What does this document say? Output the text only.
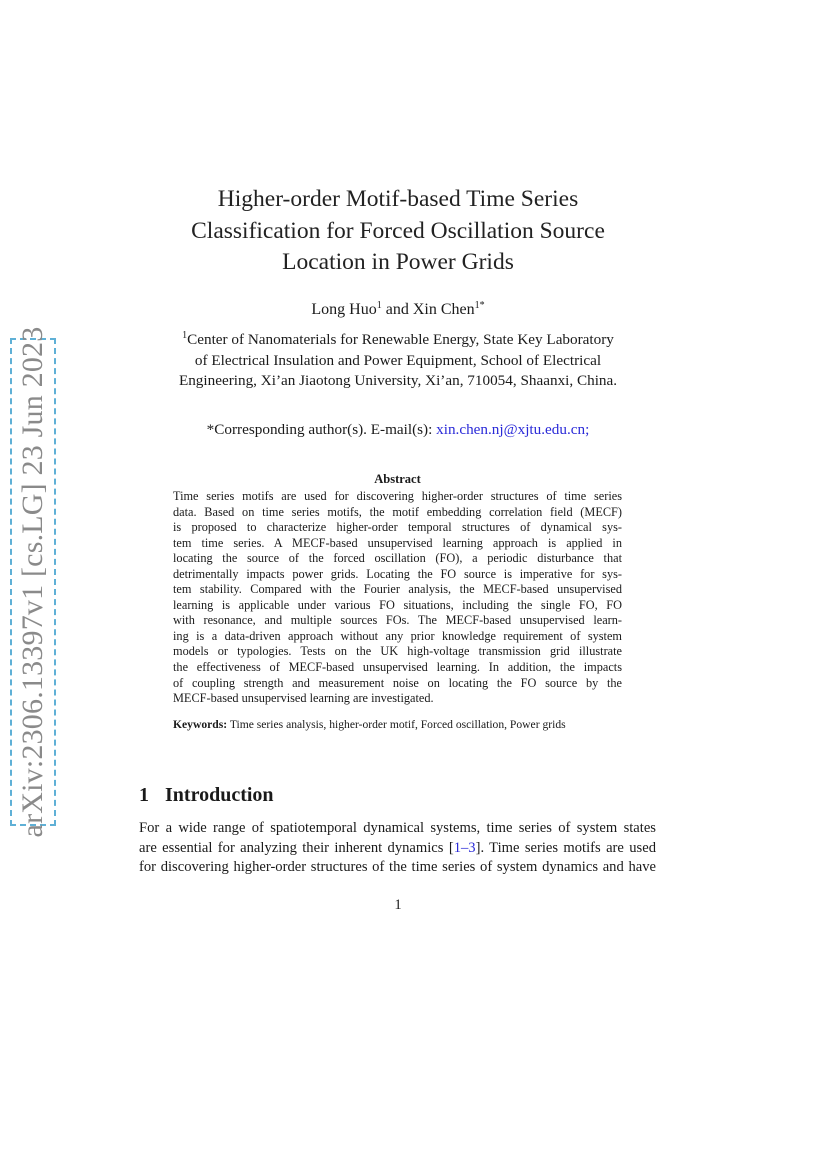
arXiv:2306.13397v1 [cs.LG] 23 Jun 2023
Higher-order Motif-based Time Series
Classification for Forced Oscillation Source
Location in Power Grids
Long Huo$^1$ and Xin Chen$^{1*}$
$^1$Center of Nanomaterials for Renewable Energy, State Key Laboratory
of Electrical Insulation and Power Equipment, School of Electrical
Engineering, Xi’an Jiaotong University, Xi’an, 710054, Shaanxi, China.
*Corresponding author(s). E-mail(s): xin.chen.nj@xjtu.edu.cn;
Abstract
Time series motifs are used for discovering higher-order structures of time series
data. Based on time series motifs, the motif embedding correlation field (MECF)
is proposed to characterize higher-order temporal structures of dynamical sys-
tem time series. A MECF-based unsupervised learning approach is applied in
locating the source of the forced oscillation (FO), a periodic disturbance that
detrimentally impacts power grids. Locating the FO source is imperative for sys-
tem stability. Compared with the Fourier analysis, the MECF-based unsupervised
learning is applicable under various FO situations, including the single FO, FO
with resonance, and multiple sources FOs. The MECF-based unsupervised learn-
ing is a data-driven approach without any prior knowledge requirement of system
models or typologies. Tests on the UK high-voltage transmission grid illustrate
the effectiveness of MECF-based unsupervised learning. In addition, the impacts
of coupling strength and measurement noise on locating the FO source by the
MECF-based unsupervised learning are investigated.
Keywords: Time series analysis, higher-order motif, Forced oscillation, Power grids
1 Introduction
For a wide range of spatiotemporal dynamical systems, time series of system states
are essential for analyzing their inherent dynamics [1–3]. Time series motifs are used
for discovering higher-order structures of the time series of system dynamics and have
1
